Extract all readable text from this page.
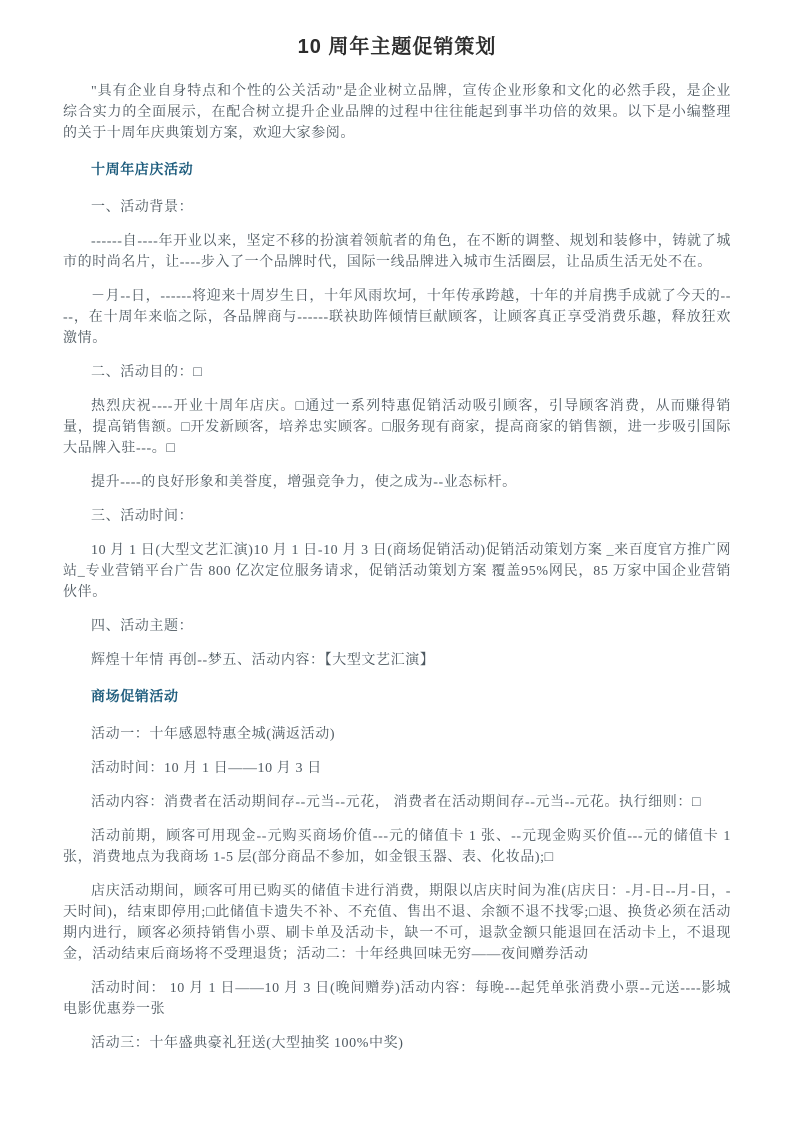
10 周年主题促销策划

"具有企业自身特点和个性的公关活动"是企业树立品牌，宣传企业形象和文化的必然手段，是企业综合实力的全面展示，在配合树立提升企业品牌的过程中往往能起到事半功倍的效果。以下是小编整理的关于十周年庆典策划方案，欢迎大家参阅。

十周年店庆活动

一、活动背景：

------自----年开业以来，坚定不移的扮演着领航者的角色，在不断的调整、规划和装修中，铸就了城市的时尚名片，让----步入了一个品牌时代，国际一线品牌进入城市生活圈层，让品质生活无处不在。

－月--日，------将迎来十周岁生日，十年风雨坎坷，十年传承跨越，十年的并肩携手成就了今天的----，在十周年来临之际，各品牌商与------联袂助阵倾情巨献顾客，让顾客真正享受消费乐趣，释放狂欢激情。

二、活动目的：□

热烈庆祝----开业十周年店庆。□通过一系列特惠促销活动吸引顾客，引导顾客消费，从而赚得销量，提高销售额。□开发新顾客，培养忠实顾客。□服务现有商家，提高商家的销售额，进一步吸引国际大品牌入驻---。□

提升----的良好形象和美誉度，增强竞争力，使之成为--业态标杆。

三、活动时间：

10 月 1 日(大型文艺汇演)10 月 1 日-10 月 3 日(商场促销活动)促销活动策划方案 _来百度官方推广网站_专业营销平台广告 800 亿次定位服务请求，促销活动策划方案 覆盖95%网民，85 万家中国企业营销伙伴。

四、活动主题：

辉煌十年情 再创--梦五、活动内容：【大型文艺汇演】

商场促销活动

活动一：十年感恩特惠全城(满返活动)

活动时间：10 月 1 日——10 月 3 日

活动内容：消费者在活动期间存--元当--元花， 消费者在活动期间存--元当--元花。执行细则：□

活动前期，顾客可用现金--元购买商场价值---元的储值卡 1 张、--元现金购买价值---元的储值卡 1 张，消费地点为我商场 1-5 层(部分商品不参加，如金银玉器、表、化妆品);□

店庆活动期间，顾客可用已购买的储值卡进行消费，期限以店庆时间为准(店庆日：-月-日--月-日，-天时间)，结束即停用;□此储值卡遗失不补、不充值、售出不退、余额不退不找零;□退、换货必须在活动期内进行，顾客必须持销售小票、刷卡单及活动卡，缺一不可，退款金额只能退回在活动卡上，不退现金，活动结束后商场将不受理退货；活动二：十年经典回味无穷——夜间赠券活动

活动时间： 10 月 1 日——10 月 3 日(晚间赠券)活动内容：每晚---起凭单张消费小票--元送----影城电影优惠券一张

活动三：十年盛典豪礼狂送(大型抽奖 100%中奖)
